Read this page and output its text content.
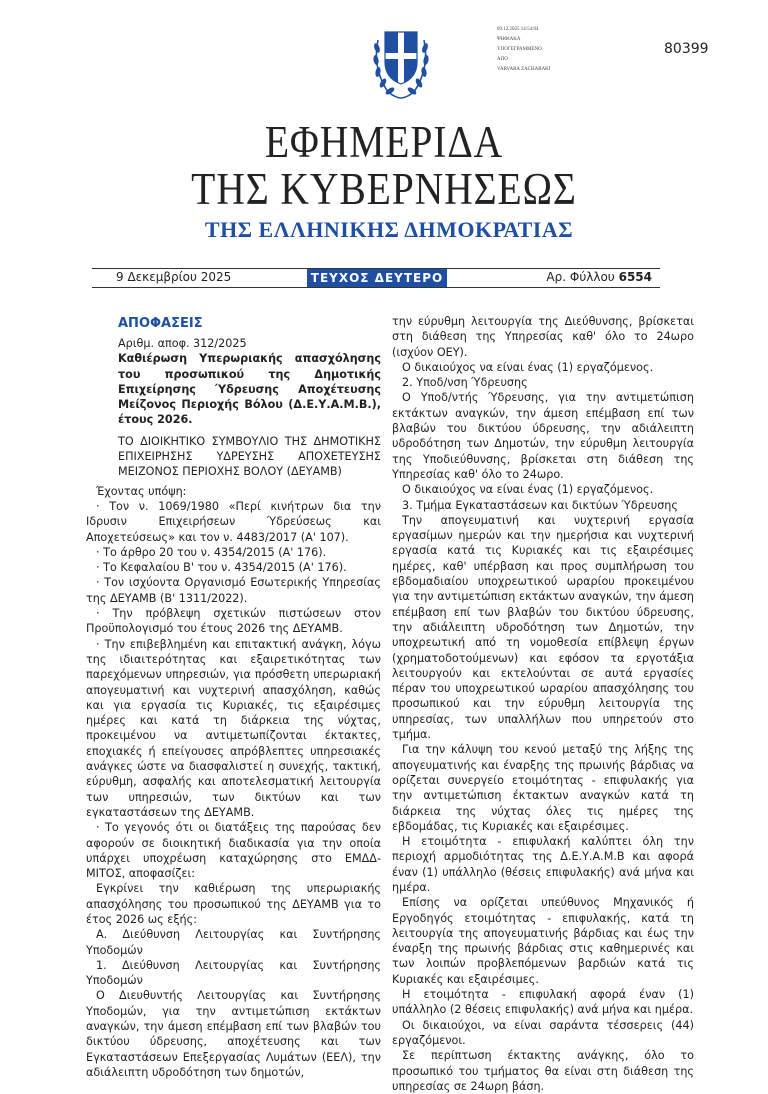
09.12.2025 14:54:04
ΨΗΦΙΑΚΑ
ΥΠΟΓΕΓΡΑΜΜΕΝΟ
ΑΠΟ
VARVARA ZACHARAKI
80399
ΕΦΗΜΕΡΙΔΑ
ΤΗΣ ΚΥΒΕΡΝΗΣΕΩΣ
ΤΗΣ ΕΛΛΗΝΙΚΗΣ ΔΗΜΟΚΡΑΤΙΑΣ
9 Δεκεμβρίου 2025	ΤΕΥΧΟΣ ΔΕΥΤΕΡΟ	Αρ. Φύλλου 6554

ΑΠΟΦΑΣΕΙΣ

Αριθμ. αποφ. 312/2025

Καθιέρωση Υπερωριακής απασχόλησης του προσωπικού της Δημοτικής Επιχείρησης Ύδρευσης Αποχέτευσης Μείζονος Περιοχής Βόλου (Δ.Ε.Υ.Α.Μ.Β.), έτους 2026.

ΤΟ ΔΙΟΙΚΗΤΙΚΟ ΣΥΜΒΟΥΛΙΟ ΤΗΣ ΔΗΜΟΤΙΚΗΣ ΕΠΙΧΕΙΡΗΣΗΣ ΥΔΡΕΥΣΗΣ ΑΠΟΧΕΤΕΥΣΗΣ ΜΕΙΖΟΝΟΣ ΠΕΡΙΟΧΗΣ ΒΟΛΟΥ (ΔΕΥΑΜΒ)

Έχοντας υπόψη:

· Τον ν. 1069/1980 «Περί κινήτρων δια την Ιδρυσιν Επιχειρήσεων Ύδρεύσεως και Αποχετεύσεως» και τον ν. 4483/2017 (Α' 107).

· Το άρθρο 20 του ν. 4354/2015 (Α' 176).

· Το Κεφαλαίου Β' του ν. 4354/2015 (Α' 176).

· Τον ισχύοντα Οργανισμό Εσωτερικής Υπηρεσίας της ΔΕΥΑΜΒ (Β' 1311/2022).

· Την πρόβλεψη σχετικών πιστώσεων στον Προϋπολογισμό του έτους 2026 της ΔΕΥΑΜΒ.

· Την επιβεβλημένη και επιτακτική ανάγκη, λόγω της ιδιαιτερότητας και εξαιρετικότητας των παρεχόμενων υπηρεσιών, για πρόσθετη υπερωριακή απογευματινή και νυχτερινή απασχόληση, καθώς και για εργασία τις Κυριακές, τις εξαιρέσιμες ημέρες και κατά τη διάρκεια της νύχτας, προκειμένου να αντιμετωπίζονται έκτακτες, εποχιακές ή επείγουσες απρόβλεπτες υπηρεσιακές ανάγκες ώστε να διασφαλιστεί η συνεχής, τακτική, εύρυθμη, ασφαλής και αποτελεσματική λειτουργία των υπηρεσιών, των δικτύων και των εγκαταστάσεων της ΔΕΥΑΜΒ.

· Το γεγονός ότι οι διατάξεις της παρούσας δεν αφορούν σε διοικητική διαδικασία για την οποία υπάρχει υποχρέωση καταχώρησης στο ΕΜΔΔ-ΜΙΤΟΣ, αποφασίζει:

Εγκρίνει την καθιέρωση της υπερωριακής απασχόλησης του προσωπικού της ΔΕΥΑΜΒ για το έτος 2026 ως εξής:

Α. Διεύθυνση Λειτουργίας και Συντήρησης Υποδομών

1. Διεύθυνση Λειτουργίας και Συντήρησης Υποδομών

Ο Διευθυντής Λειτουργίας και Συντήρησης Υποδομών, για την αντιμετώπιση εκτάκτων αναγκών, την άμεση επέμβαση επί των βλαβών του δικτύου ύδρευσης, αποχέτευσης και των Εγκαταστάσεων Επεξεργασίας Λυμάτων (ΕΕΛ), την αδιάλειπτη υδροδότηση των δημοτών,

την εύρυθμη λειτουργία της Διεύθυνσης, βρίσκεται στη διάθεση της Υπηρεσίας καθ' όλο το 24ωρο (ισχύον ΟΕΥ).

Ο δικαιούχος να είναι ένας (1) εργαζόμενος.

2. Υποδ/νση Ύδρευσης

Ο Υποδ/ντής Ύδρευσης, για την αντιμετώπιση εκτάκτων αναγκών, την άμεση επέμβαση επί των βλαβών του δικτύου ύδρευσης, την αδιάλειπτη υδροδότηση των Δημοτών, την εύρυθμη λειτουργία της Υποδιεύθυνσης, βρίσκεται στη διάθεση της Υπηρεσίας καθ' όλο το 24ωρο.

Ο δικαιούχος να είναι ένας (1) εργαζόμενος.

3. Τμήμα Εγκαταστάσεων και δικτύων Ύδρευσης

Την απογευματινή και νυχτερινή εργασία εργασίμων ημερών και την ημερήσια και νυχτερινή εργασία κατά τις Κυριακές και τις εξαιρέσιμες ημέρες, καθ' υπέρβαση και προς συμπλήρωση του εβδομαδιαίου υποχρεωτικού ωραρίου προκειμένου για την αντιμετώπιση εκτάκτων αναγκών, την άμεση επέμβαση επί των βλαβών του δικτύου ύδρευσης, την αδιάλειπτη υδροδότηση των Δημοτών, την υποχρεωτική από τη νομοθεσία επίβλεψη έργων (χρηματοδοτούμενων) και εφόσον τα εργοτάξια λειτουργούν και εκτελούνται σε αυτά εργασίες πέραν του υποχρεωτικού ωραρίου απασχόλησης του προσωπικού και την εύρυθμη λειτουργία της υπηρεσίας, των υπαλλήλων που υπηρετούν στο τμήμα.

Για την κάλυψη του κενού μεταξύ της λήξης της απογευματινής και έναρξης της πρωινής βάρδιας να ορίζεται συνεργείο ετοιμότητας - επιφυλακής για την αντιμετώπιση έκτακτων αναγκών κατά τη διάρκεια της νύχτας όλες τις ημέρες της εβδομάδας, τις Κυριακές και εξαιρέσιμες.

Η ετοιμότητα - επιφυλακή καλύπτει όλη την περιοχή αρμοδιότητας της Δ.Ε.Υ.Α.Μ.Β και αφορά έναν (1) υπάλληλο (θέσεις επιφυλακής) ανά μήνα και ημέρα.

Επίσης να ορίζεται υπεύθυνος Μηχανικός ή Εργοδηγός ετοιμότητας - επιφυλακής, κατά τη λειτουργία της απογευματινής βάρδιας και έως την έναρξη της πρωινής βάρδιας στις καθημερινές και των λοιπών προβλεπόμενων βαρδιών κατά τις Κυριακές και εξαιρέσιμες.

Η ετοιμότητα - επιφυλακή αφορά έναν (1) υπάλληλο (2 θέσεις επιφυλακής) ανά μήνα και ημέρα.

Οι δικαιούχοι, να είναι σαράντα τέσσερεις (44) εργαζόμενοι.

Σε περίπτωση έκτακτης ανάγκης, όλο το προσωπικό του τμήματος θα είναι στη διάθεση της υπηρεσίας σε 24ωρη βάση.
